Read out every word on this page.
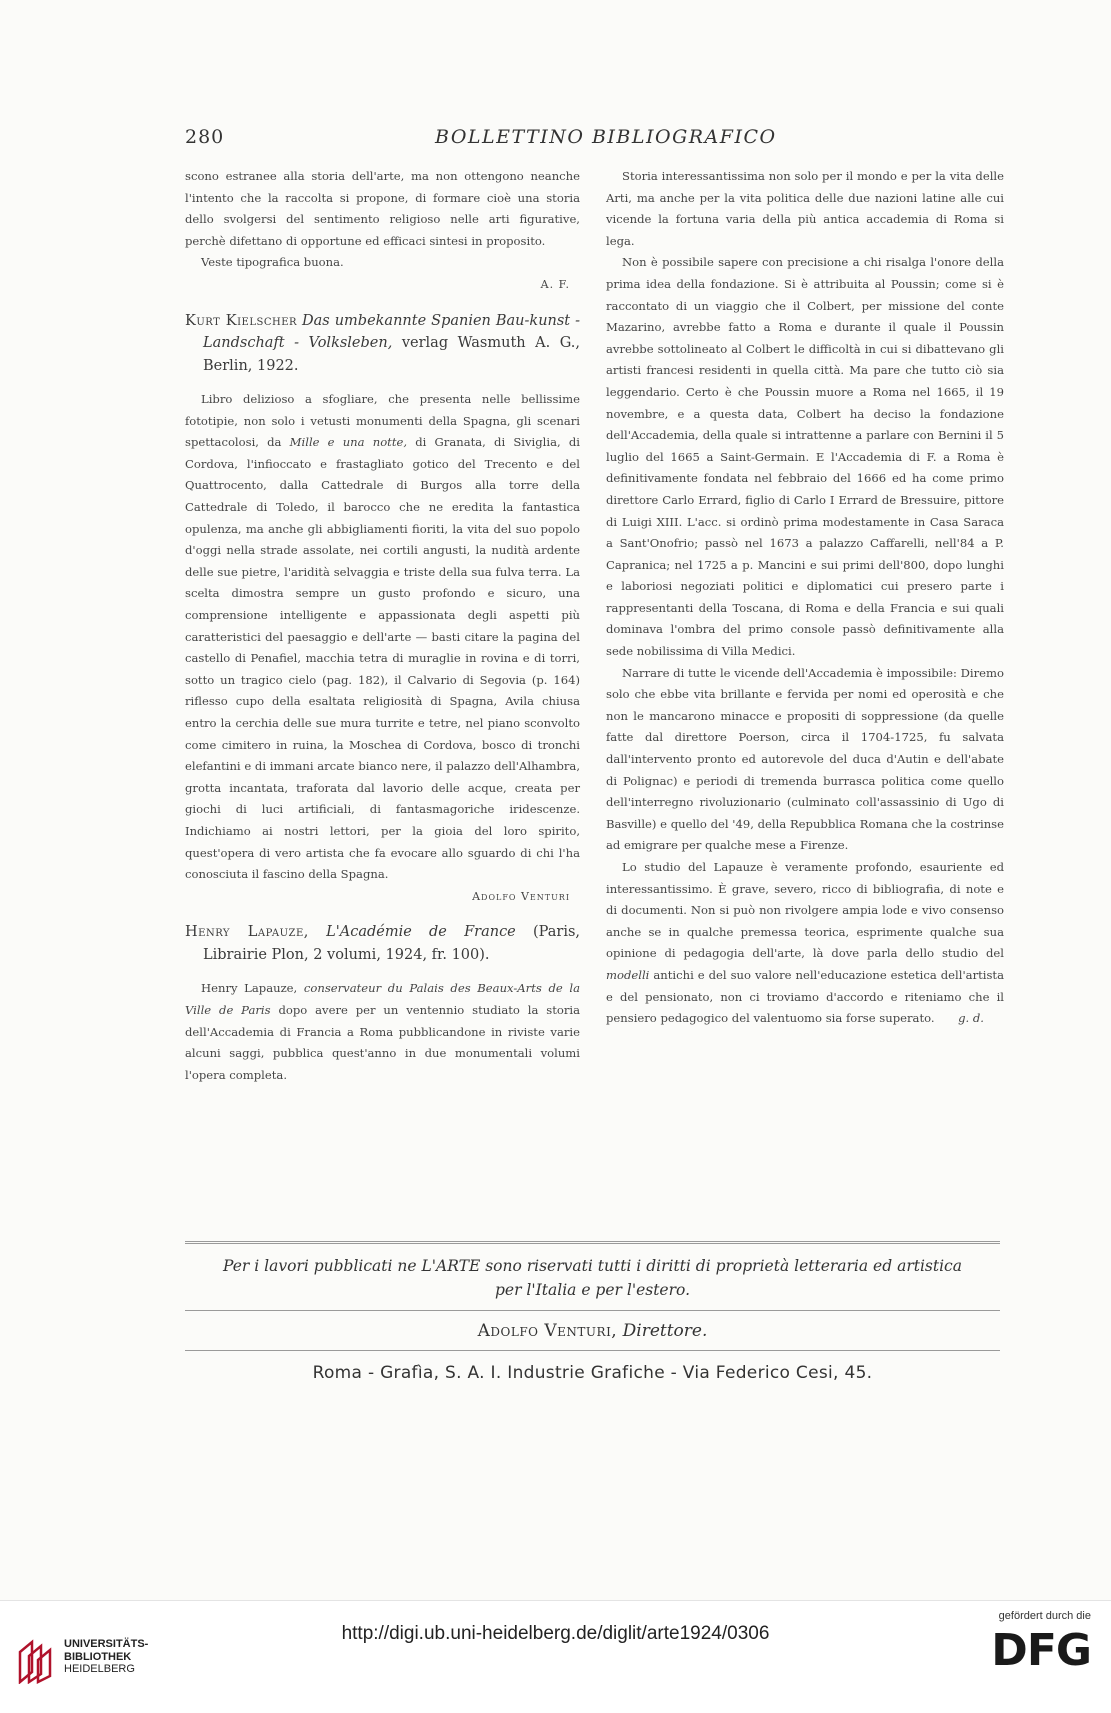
280	BOLLETTINO BIBLIOGRAFICO

scono estranee alla storia dell'arte, ma non ottengono neanche l'intento che la raccolta si propone, di formare cioè una storia dello svolgersi del sentimento religioso nelle arti figurative, perchè difettano di opportune ed efficaci sintesi in proposito.

Veste tipografica buona.

A. F.

Kurt Kielscher Das umbekannte Spanien Bau-kunst - Landschaft - Volksleben, verlag Wasmuth A. G., Berlin, 1922.

Libro delizioso a sfogliare, che presenta nelle bellissime fototipie, non solo i vetusti monumenti della Spagna, gli scenari spettacolosi, da Mille e una notte, di Granata, di Siviglia, di Cordova, l'infioccato e frastagliato gotico del Trecento e del Quattrocento, dalla Cattedrale di Burgos alla torre della Cattedrale di Toledo, il barocco che ne eredita la fantastica opulenza, ma anche gli abbigliamenti fioriti, la vita del suo popolo d'oggi nella strade assolate, nei cortili angusti, la nudità ardente delle sue pietre, l'aridità selvaggia e triste della sua fulva terra. La scelta dimostra sempre un gusto profondo e sicuro, una comprensione intelligente e appassionata degli aspetti più caratteristici del paesaggio e dell'arte — basti citare la pagina del castello di Penafiel, macchia tetra di muraglie in rovina e di torri, sotto un tragico cielo (pag. 182), il Calvario di Segovia (p. 164) riflesso cupo della esaltata religiosità di Spagna, Avila chiusa entro la cerchia delle sue mura turrite e tetre, nel piano sconvolto come cimitero in ruina, la Moschea di Cordova, bosco di tronchi elefantini e di immani arcate bianco nere, il palazzo dell'Alhambra, grotta incantata, traforata dal lavorio delle acque, creata per giochi di luci artificiali, di fantasmagoriche iridescenze. Indichiamo ai nostri lettori, per la gioia del loro spirito, quest'opera di vero artista che fa evocare allo sguardo di chi l'ha conosciuta il fascino della Spagna.

Adolfo Venturi

Henry Lapauze, L'Académie de France (Paris, Librairie Plon, 2 volumi, 1924, fr. 100).

Henry Lapauze, conservateur du Palais des Beaux-Arts de la Ville de Paris dopo avere per un ventennio studiato la storia dell'Accademia di Francia a Roma pubblicandone in riviste varie alcuni saggi, pubblica quest'anno in due monumentali volumi l'opera completa.

Storia interessantissima non solo per il mondo e per la vita delle Arti, ma anche per la vita politica delle due nazioni latine alle cui vicende la fortuna varia della più antica accademia di Roma si lega.

Non è possibile sapere con precisione a chi risalga l'onore della prima idea della fondazione. Si è attribuita al Poussin; come si è raccontato di un viaggio che il Colbert, per missione del conte Mazarino, avrebbe fatto a Roma e durante il quale il Poussin avrebbe sottolineato al Colbert le difficoltà in cui si dibattevano gli artisti francesi residenti in quella città. Ma pare che tutto ciò sia leggendario. Certo è che Poussin muore a Roma nel 1665, il 19 novembre, e a questa data, Colbert ha deciso la fondazione dell'Accademia, della quale si intrattenne a parlare con Bernini il 5 luglio del 1665 a Saint-Germain. E l'Accademia di F. a Roma è definitivamente fondata nel febbraio del 1666 ed ha come primo direttore Carlo Errard, figlio di Carlo I Errard de Bressuire, pittore di Luigi XIII. L'acc. si ordinò prima modestamente in Casa Saraca a Sant'Onofrio; passò nel 1673 a palazzo Caffarelli, nell'84 a P. Capranica; nel 1725 a p. Mancini e sui primi dell'800, dopo lunghi e laboriosi negoziati politici e diplomatici cui presero parte i rappresentanti della Toscana, di Roma e della Francia e sui quali dominava l'ombra del primo console passò definitivamente alla sede nobilissima di Villa Medici.

Narrare di tutte le vicende dell'Accademia è impossibile: Diremo solo che ebbe vita brillante e fervida per nomi ed operosità e che non le mancarono minacce e propositi di soppressione (da quelle fatte dal direttore Poerson, circa il 1704-1725, fu salvata dall'intervento pronto ed autorevole del duca d'Autin e dell'abate di Polignac) e periodi di tremenda burrasca politica come quello dell'interregno rivoluzionario (culminato coll'assassinio di Ugo di Basville) e quello del '49, della Repubblica Romana che la costrinse ad emigrare per qualche mese a Firenze.

Lo studio del Lapauze è veramente profondo, esauriente ed interessantissimo. È grave, severo, ricco di bibliografia, di note e di documenti. Non si può non rivolgere ampia lode e vivo consenso anche se in qualche premessa teorica, esprimente qualche sua opinione di pedagogia dell'arte, là dove parla dello studio del modelli antichi e del suo valore nell'educazione estetica dell'artista e del pensionato, non ci troviamo d'accordo e riteniamo che il pensiero pedagogico del valentuomo sia forse superato.	g. d.

Per i lavori pubblicati ne L'ARTE sono riservati tutti i diritti di proprietà letteraria ed artistica
per l'Italia e per l'estero.
Adolfo Venturi, Direttore.
Roma - Grafìa, S. A. I. Industrie Grafiche - Via Federico Cesi, 45.
UNIVERSITÄTS-
BIBLIOTHEK
HEIDELBERG
http://digi.ub.uni-heidelberg.de/diglit/arte1924/0306
gefördert durch die
DFG
